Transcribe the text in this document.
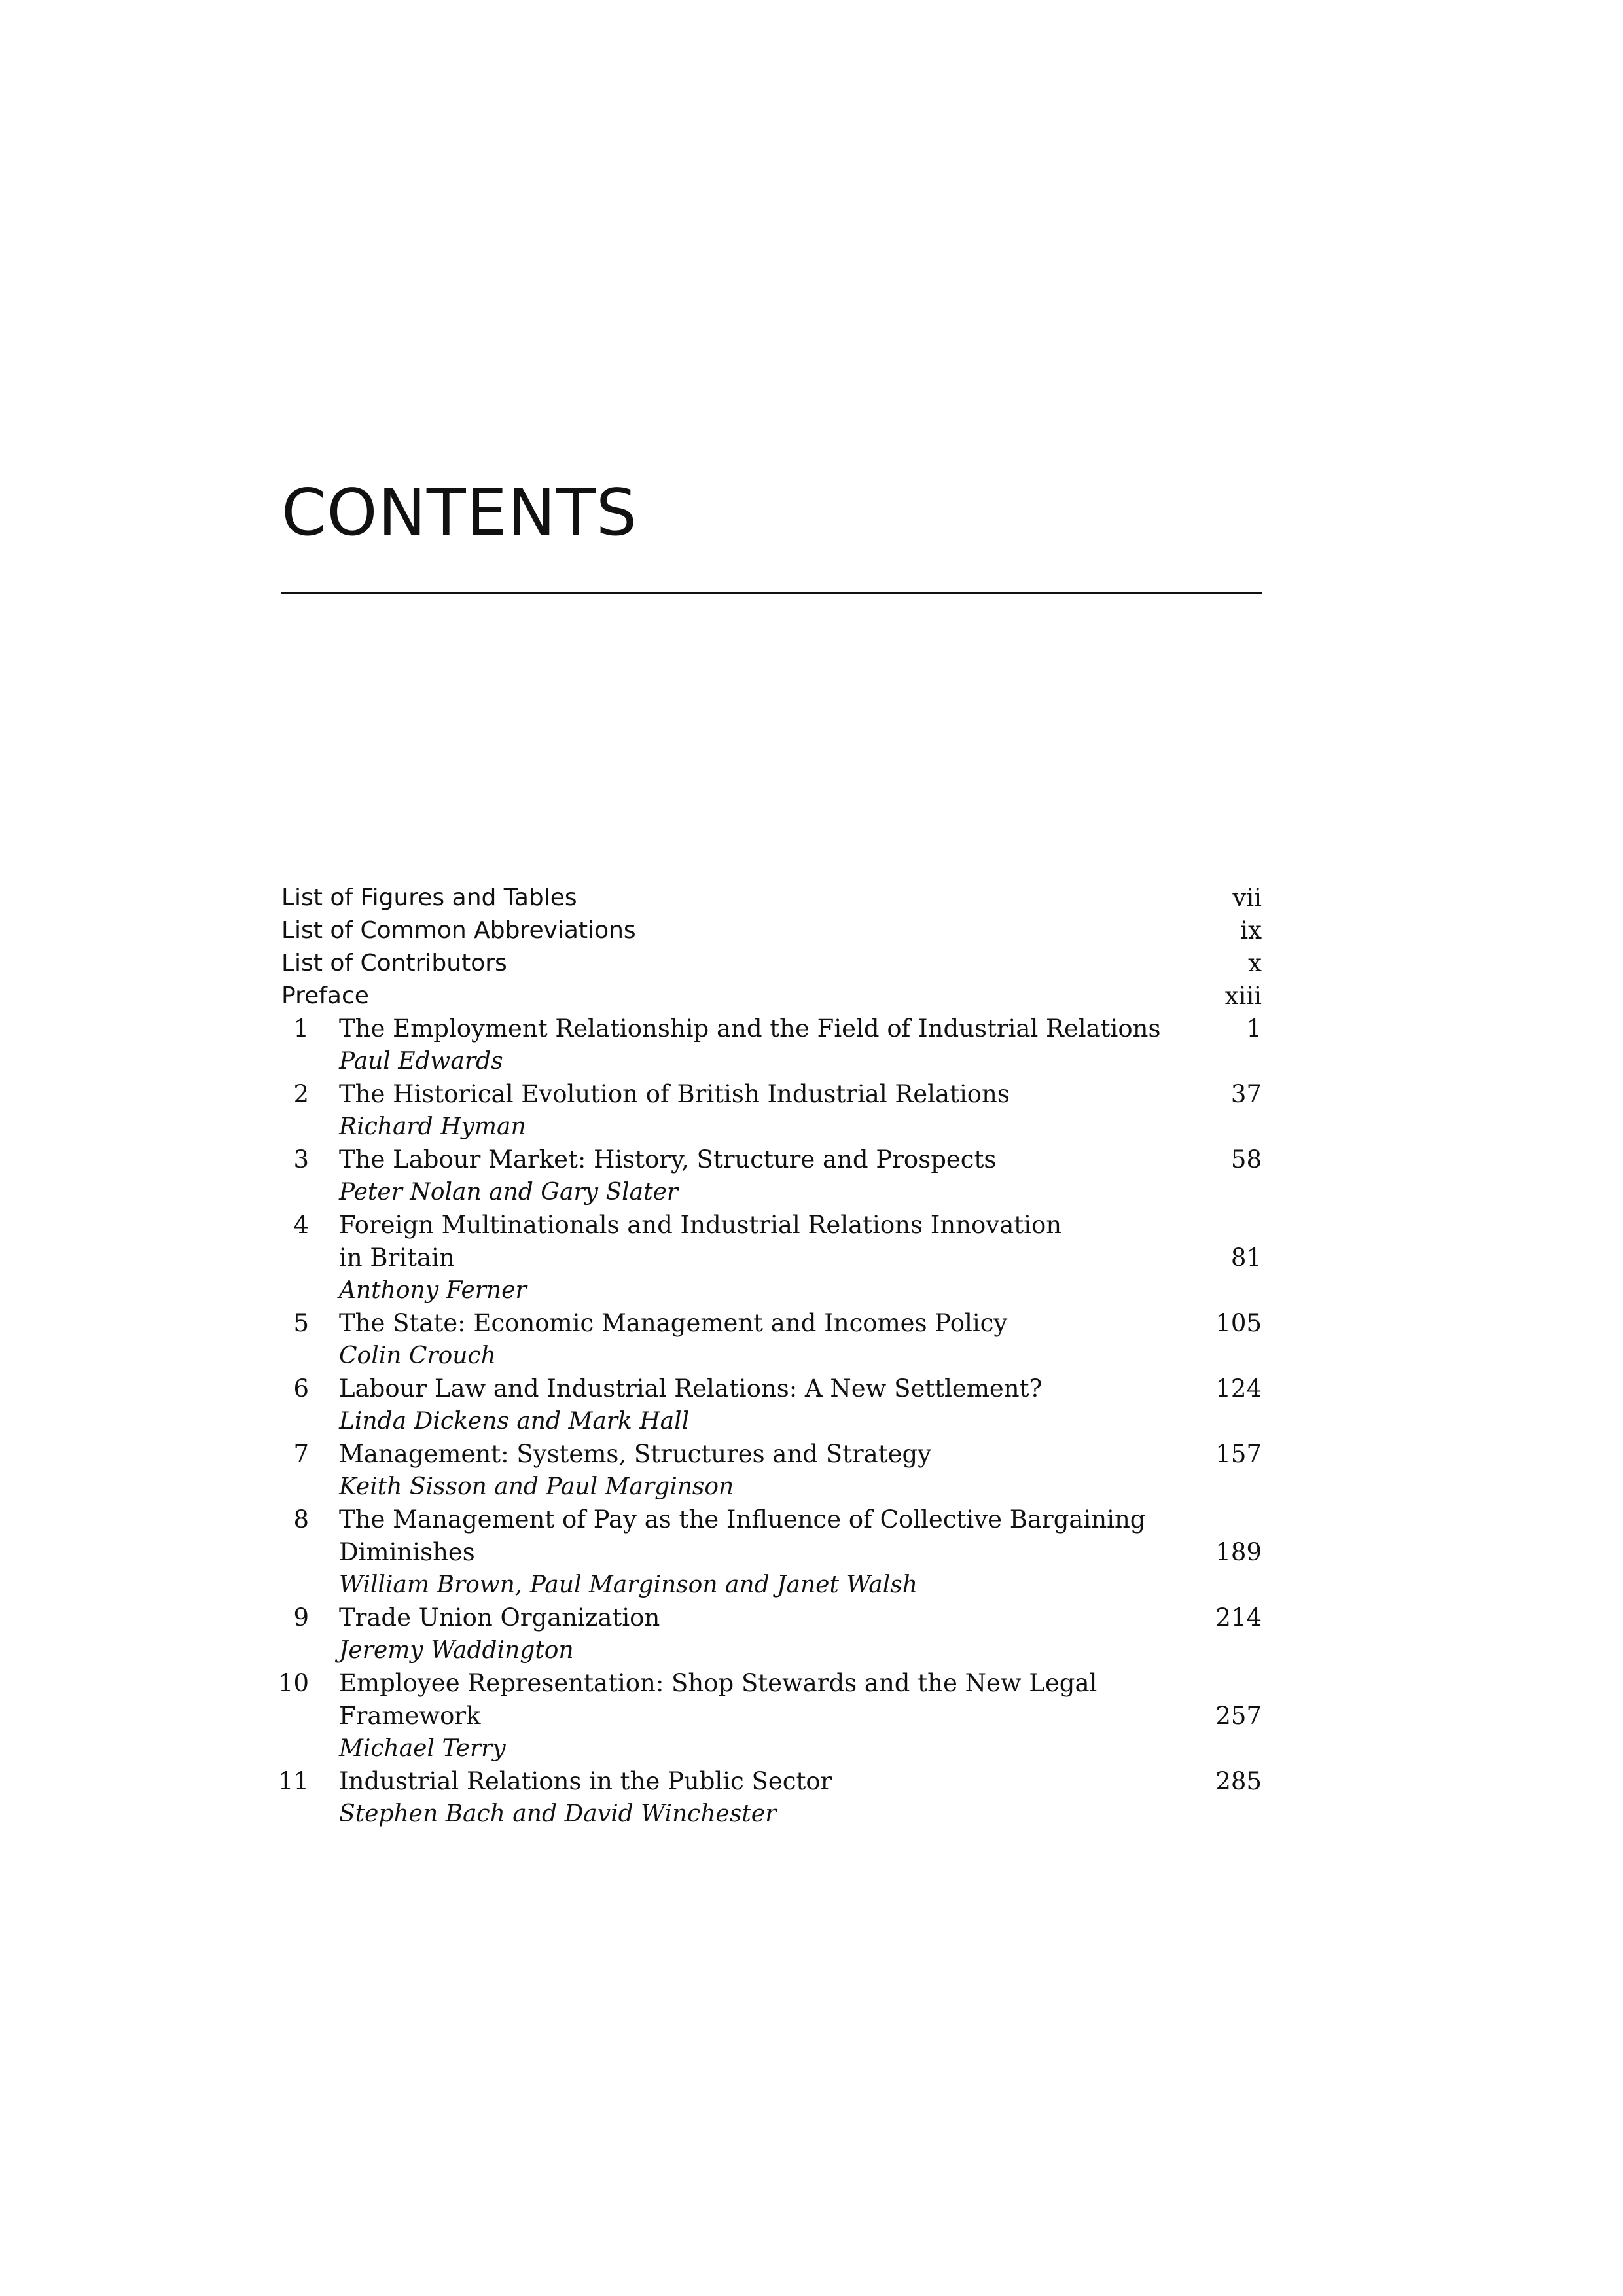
CONTENTS
List of Figures and Tables	vii
List of Common Abbreviations	ix
List of Contributors	x
Preface	xiii
1 The Employment Relationship and the Field of Industrial Relations	1
Paul Edwards
2 The Historical Evolution of British Industrial Relations	37
Richard Hyman
3 The Labour Market: History, Structure and Prospects	58
Peter Nolan and Gary Slater
4 Foreign Multinationals and Industrial Relations Innovation
in Britain	81
Anthony Ferner
5 The State: Economic Management and Incomes Policy	105
Colin Crouch
6 Labour Law and Industrial Relations: A New Settlement?	124
Linda Dickens and Mark Hall
7 Management: Systems, Structures and Strategy	157
Keith Sisson and Paul Marginson
8 The Management of Pay as the Influence of Collective Bargaining
Diminishes	189
William Brown, Paul Marginson and Janet Walsh
9 Trade Union Organization	214
Jeremy Waddington
10 Employee Representation: Shop Stewards and the New Legal
Framework	257
Michael Terry
11 Industrial Relations in the Public Sector	285
Stephen Bach and David Winchester
